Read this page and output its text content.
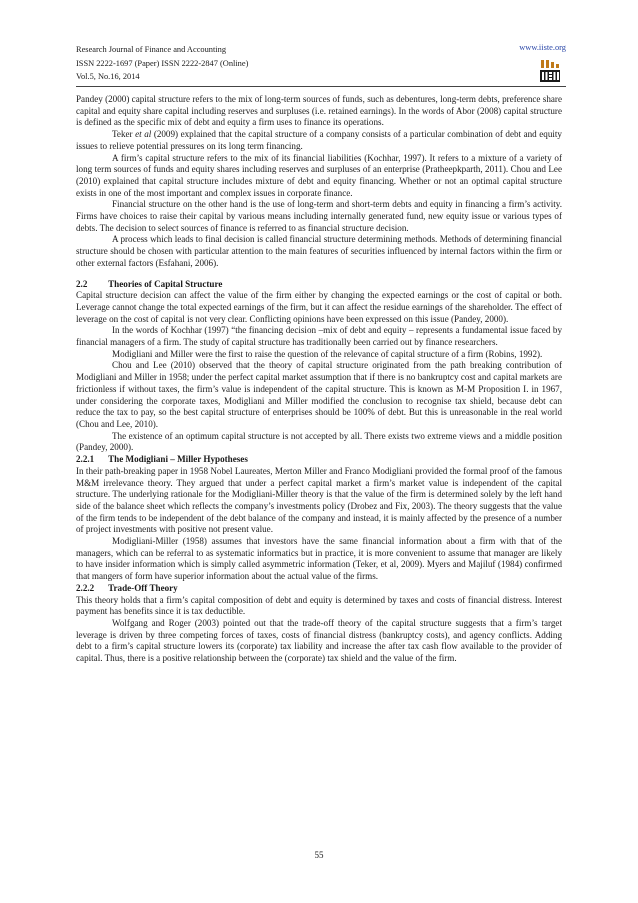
Research Journal of Finance and Accounting
ISSN 2222-1697 (Paper) ISSN 2222-2847 (Online)
Vol.5, No.16, 2014
www.iiste.org

Pandey (2000) capital structure refers to the mix of long-term sources of funds, such as debentures, long-term debts, preference share capital and equity share capital including reserves and surpluses (i.e. retained earnings). In the words of Abor (2008) capital structure is defined as the specific mix of debt and equity a firm uses to finance its operations.

Teker et al (2009) explained that the capital structure of a company consists of a particular combination of debt and equity issues to relieve potential pressures on its long term financing.

A firm’s capital structure refers to the mix of its financial liabilities (Kochhar, 1997). It refers to a mixture of a variety of long term sources of funds and equity shares including reserves and surpluses of an enterprise (Pratheepkparth, 2011). Chou and Lee (2010) explained that capital structure includes mixture of debt and equity financing. Whether or not an optimal capital structure exists in one of the most important and complex issues in corporate finance.

Financial structure on the other hand is the use of long-term and short-term debts and equity in financing a firm’s activity. Firms have choices to raise their capital by various means including internally generated fund, new equity issue or various types of debts. The decision to select sources of finance is referred to as financial structure decision.

A process which leads to final decision is called financial structure determining methods. Methods of determining financial structure should be chosen with particular attention to the main features of securities influenced by internal factors within the firm or other external factors (Esfahani, 2006).

2.2 Theories of Capital Structure

Capital structure decision can affect the value of the firm either by changing the expected earnings or the cost of capital or both. Leverage cannot change the total expected earnings of the firm, but it can affect the residue earnings of the shareholder. The effect of leverage on the cost of capital is not very clear. Conflicting opinions have been expressed on this issue (Pandey, 2000).

In the words of Kochhar (1997) “the financing decision –mix of debt and equity – represents a fundamental issue faced by financial managers of a firm. The study of capital structure has traditionally been carried out by finance researchers.

Modigliani and Miller were the first to raise the question of the relevance of capital structure of a firm (Robins, 1992).

Chou and Lee (2010) observed that the theory of capital structure originated from the path breaking contribution of Modigliani and Miller in 1958; under the perfect capital market assumption that if there is no bankruptcy cost and capital markets are frictionless if without taxes, the firm’s value is independent of the capital structure. This is known as M-M Proposition I. in 1967, under considering the corporate taxes, Modigliani and Miller modified the conclusion to recognise tax shield, because debt can reduce the tax to pay, so the best capital structure of enterprises should be 100% of debt. But this is unreasonable in the real world (Chou and Lee, 2010).

The existence of an optimum capital structure is not accepted by all. There exists two extreme views and a middle position (Pandey, 2000).

2.2.1 The Modigliani – Miller Hypotheses

In their path-breaking paper in 1958 Nobel Laureates, Merton Miller and Franco Modigliani provided the formal proof of the famous M&M irrelevance theory. They argued that under a perfect capital market a firm’s market value is independent of the capital structure. The underlying rationale for the Modigliani-Miller theory is that the value of the firm is determined solely by the left hand side of the balance sheet which reflects the company’s investments policy (Drobez and Fix, 2003). The theory suggests that the value of the firm tends to be independent of the debt balance of the company and instead, it is mainly affected by the presence of a number of project investments with positive not present value.

Modigliani-Miller (1958) assumes that investors have the same financial information about a firm with that of the managers, which can be referral to as systematic informatics but in practice, it is more convenient to assume that manager are likely to have insider information which is simply called asymmetric information (Teker, et al, 2009). Myers and Majiluf (1984) confirmed that mangers of form have superior information about the actual value of the firms.

2.2.2 Trade-Off Theory

This theory holds that a firm’s capital composition of debt and equity is determined by taxes and costs of financial distress. Interest payment has benefits since it is tax deductible.

Wolfgang and Roger (2003) pointed out that the trade-off theory of the capital structure suggests that a firm’s target leverage is driven by three competing forces of taxes, costs of financial distress (bankruptcy costs), and agency conflicts. Adding debt to a firm’s capital structure lowers its (corporate) tax liability and increase the after tax cash flow available to the provider of capital. Thus, there is a positive relationship between the (corporate) tax shield and the value of the firm.

55
